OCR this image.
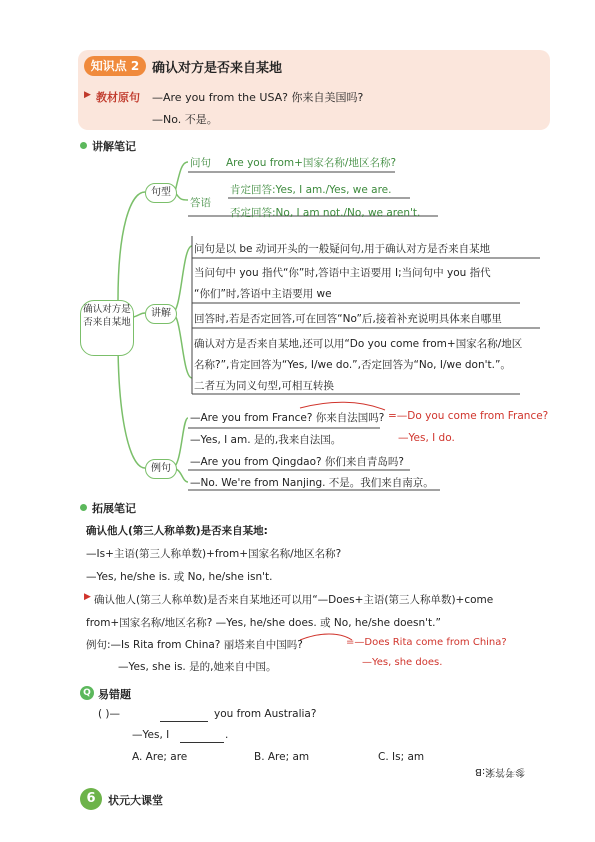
知识点 2 确认对方是否来自某地
▶ 教材原句 —Are you from the USA? 你来自美国吗?
—No. 不是。
讲解笔记
确认对方是否来自某地
句型
讲解
例句
问句 Are you from+国家名称/地区名称?
答语
肯定回答:Yes, I am./Yes, we are.
否定回答:No, I am not./No, we aren't.
问句是以 be 动词开头的一般疑问句,用于确认对方是否来自某地
当问句中 you 指代“你”时,答语中主语要用 I;当问句中 you 指代
“你们”时,答语中主语要用 we
回答时,若是否定回答,可在回答“No”后,接着补充说明具体来自哪里
确认对方是否来自某地,还可以用“Do you come from+国家名称/地区
名称?”,肯定回答为“Yes, I/we do.”,否定回答为“No, I/we don't.”。
二者互为同义句型,可相互转换
—Are you from France? 你来自法国吗? =—Do you come from France?
—Yes, I am. 是的,我来自法国。	—Yes, I do.
—Are you from Qingdao? 你们来自青岛吗?
—No. We're from Nanjing. 不是。我们来自南京。
拓展笔记
确认他人(第三人称单数)是否来自某地:
—Is+主语(第三人称单数)+from+国家名称/地区名称?
—Yes, he/she is. 或 No, he/she isn't.
▶ 确认他人(第三人称单数)是否来自某地还可以用“—Does+主语(第三人称单数)+come
from+国家名称/地区名称? —Yes, he/she does. 或 No, he/she doesn't.”
例句:—Is Rita from China? 丽塔来自中国吗?	=—Does Rita come from China?
—Yes, she is. 是的,她来自中国。	—Yes, she does.
Q 易错题
( )—	you from Australia?
—Yes, I	.
A. Are; are	B. Are; am	C. Is; am
参考答案:B
6	状元大课堂
